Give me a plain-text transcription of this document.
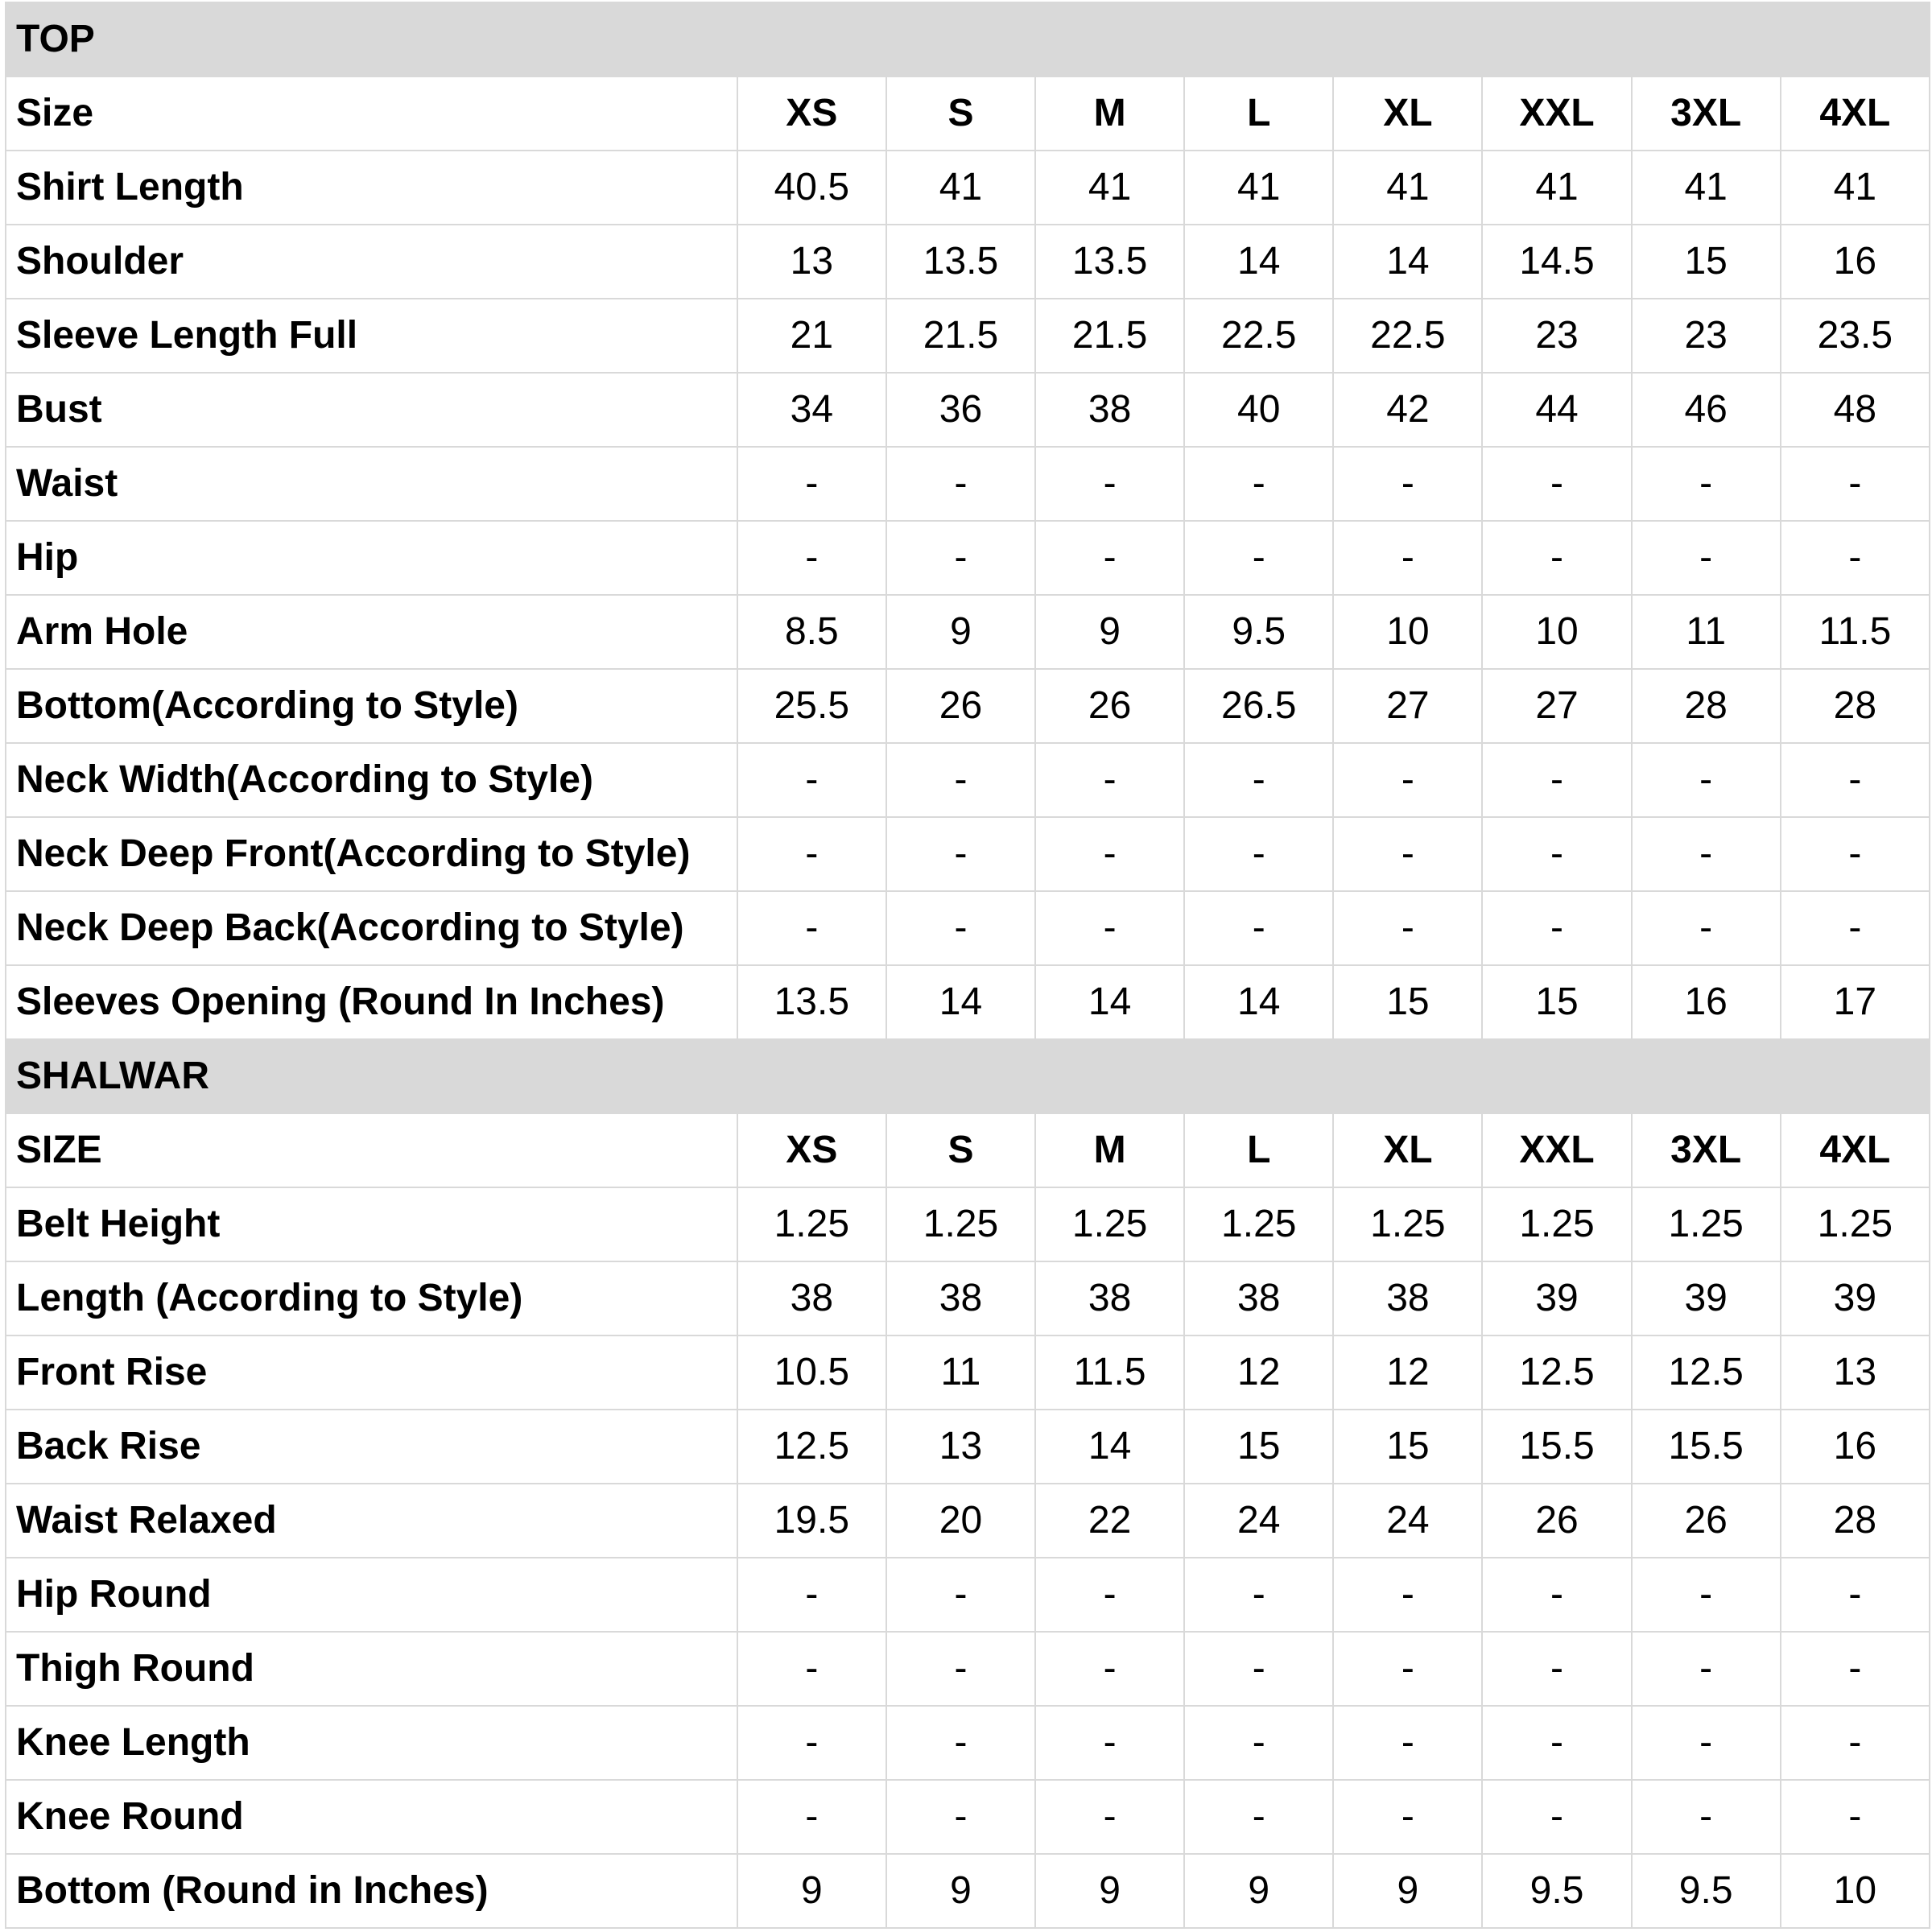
TOP								
Size	XS	S	M	L	XL	XXL	3XL	4XL
Shirt Length	40.5	41	41	41	41	41	41	41
Shoulder	13	13.5	13.5	14	14	14.5	15	16
Sleeve Length Full	21	21.5	21.5	22.5	22.5	23	23	23.5
Bust	34	36	38	40	42	44	46	48
Waist	-	-	-	-	-	-	-	-
Hip	-	-	-	-	-	-	-	-
Arm Hole	8.5	9	9	9.5	10	10	11	11.5
Bottom(According to Style)	25.5	26	26	26.5	27	27	28	28
Neck Width(According to Style)	-	-	-	-	-	-	-	-
Neck Deep Front(According to Style)	-	-	-	-	-	-	-	-
Neck Deep Back(According to Style)	-	-	-	-	-	-	-	-
Sleeves Opening (Round In Inches)	13.5	14	14	14	15	15	16	17
SHALWAR								
SIZE	XS	S	M	L	XL	XXL	3XL	4XL
Belt Height	1.25	1.25	1.25	1.25	1.25	1.25	1.25	1.25
Length (According to Style)	38	38	38	38	38	39	39	39
Front Rise	10.5	11	11.5	12	12	12.5	12.5	13
Back Rise	12.5	13	14	15	15	15.5	15.5	16
Waist Relaxed	19.5	20	22	24	24	26	26	28
Hip Round	-	-	-	-	-	-	-	-
Thigh Round	-	-	-	-	-	-	-	-
Knee Length	-	-	-	-	-	-	-	-
Knee Round	-	-	-	-	-	-	-	-
Bottom (Round in Inches)	9	9	9	9	9	9.5	9.5	10
